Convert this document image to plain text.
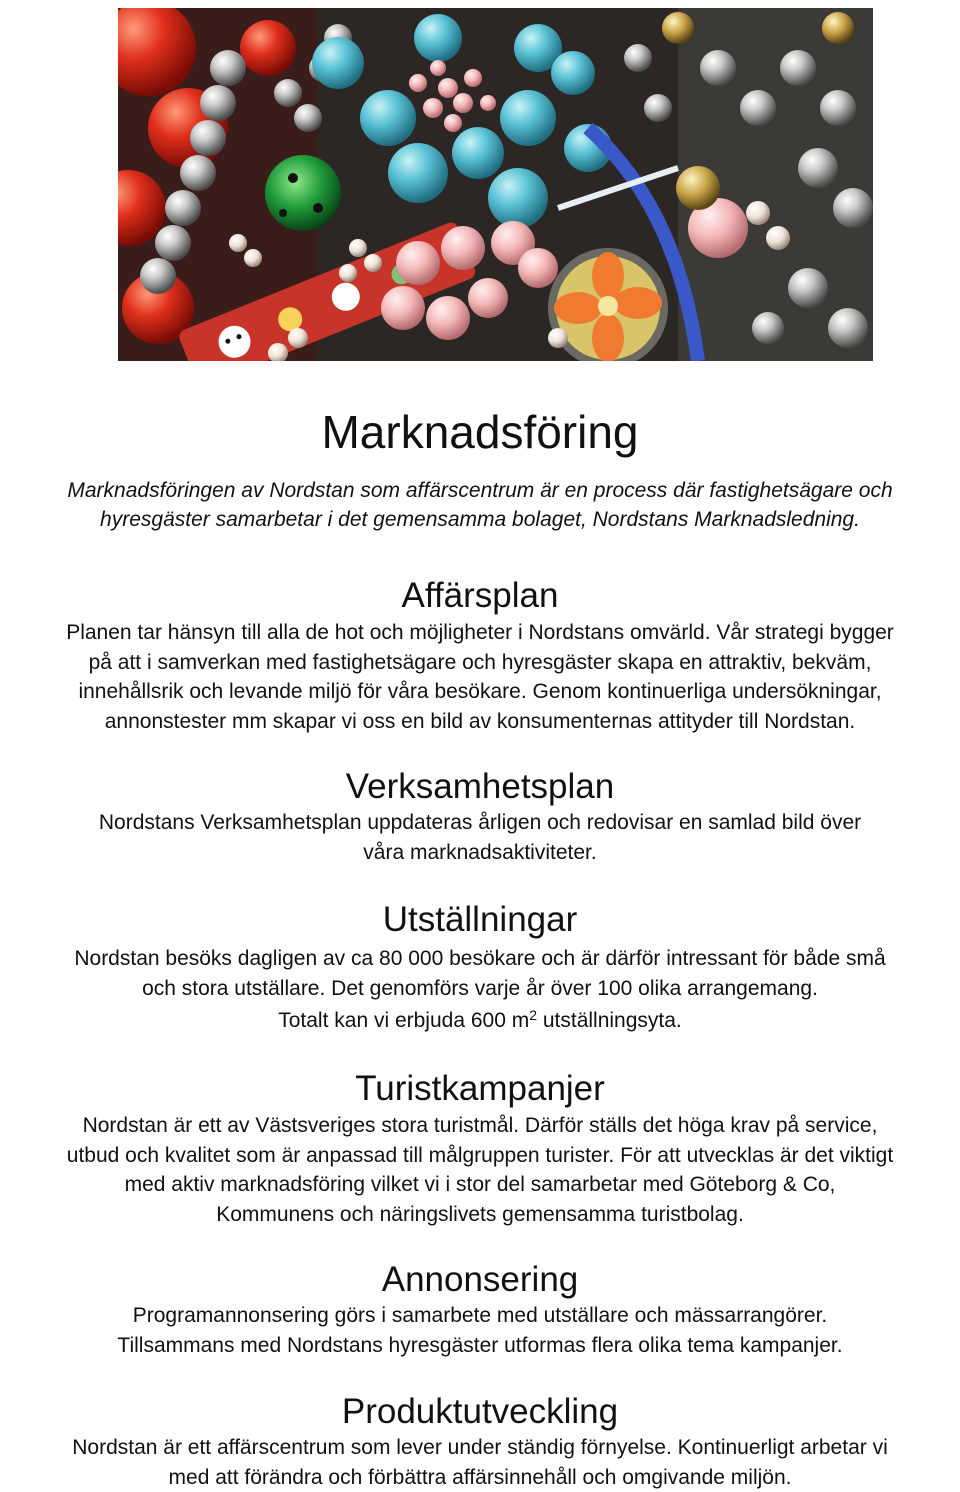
Marknadsföring

Marknadsföringen av Nordstan som affärscentrum är en process där fastighetsägare och
hyresgäster samarbetar i det gemensamma bolaget, Nordstans Marknadsledning.

Affärsplan

Planen tar hänsyn till alla de hot och möjligheter i Nordstans omvärld. Vår strategi bygger
på att i samverkan med fastighetsägare och hyresgäster skapa en attraktiv, bekväm,
innehållsrik och levande miljö för våra besökare. Genom kontinuerliga undersökningar,
annonstester mm skapar vi oss en bild av konsumenternas attityder till Nordstan.

Verksamhetsplan

Nordstans Verksamhetsplan uppdateras årligen och redovisar en samlad bild över
våra marknadsaktiviteter.

Utställningar

Nordstan besöks dagligen av ca 80 000 besökare och är därför intressant för både små
och stora utställare. Det genomförs varje år över 100 olika arrangemang.
Totalt kan vi erbjuda 600 $m^2$ utställningsyta.

Turistkampanjer

Nordstan är ett av Västsveriges stora turistmål. Därför ställs det höga krav på service,
utbud och kvalitet som är anpassad till målgruppen turister. För att utvecklas är det viktigt
med aktiv marknadsföring vilket vi i stor del samarbetar med Göteborg & Co,
Kommunens och näringslivets gemensamma turistbolag.

Annonsering

Programannonsering görs i samarbete med utställare och mässarrangörer.
Tillsammans med Nordstans hyresgäster utformas flera olika tema kampanjer.

Produktutveckling

Nordstan är ett affärscentrum som lever under ständig förnyelse. Kontinuerligt arbetar vi
med att förändra och förbättra affärsinnehåll och omgivande miljön.
